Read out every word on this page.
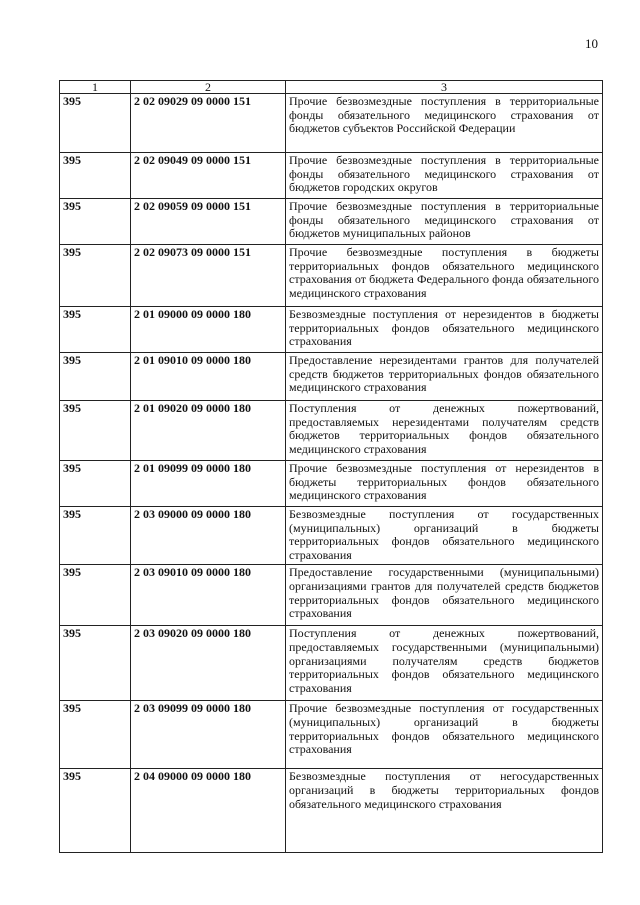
10
1	2	3
395	2 02 09029 09 0000 151	Прочие безвозмездные поступления в территориальные фонды обязательного медицинского страхования от бюджетов субъектов Российской Федерации
395	2 02 09049 09 0000 151	Прочие безвозмездные поступления в территориальные фонды обязательного медицинского страхования от бюджетов городских округов
395	2 02 09059 09 0000 151	Прочие безвозмездные поступления в территориальные фонды обязательного медицинского страхования от бюджетов муниципальных районов
395	2 02 09073 09 0000 151	Прочие безвозмездные поступления в бюджеты территориальных фондов обязательного медицинского страхования от бюджета Федерального фонда обязательного медицинского страхования
395	2 01 09000 09 0000 180	Безвозмездные поступления от нерезидентов в бюджеты территориальных фондов обязательного медицинского страхования
395	2 01 09010 09 0000 180	Предоставление нерезидентами грантов для получателей средств бюджетов территориальных фондов обязательного медицинского страхования
395	2 01 09020 09 0000 180	Поступления от денежных пожертвований, предоставляемых нерезидентами получателям средств бюджетов территориальных фондов обязательного медицинского страхования
395	2 01 09099 09 0000 180	Прочие безвозмездные поступления от нерезидентов в бюджеты территориальных фондов обязательного медицинского страхования
395	2 03 09000 09 0000 180	Безвозмездные поступления от государственных (муниципальных) организаций в бюджеты территориальных фондов обязательного медицинского страхования
395	2 03 09010 09 0000 180	Предоставление государственными (муниципальными) организациями грантов для получателей средств бюджетов территориальных фондов обязательного медицинского страхования
395	2 03 09020 09 0000 180	Поступления от денежных пожертвований, предоставляемых государственными (муниципальными) организациями получателям средств бюджетов территориальных фондов обязательного медицинского страхования
395	2 03 09099 09 0000 180	Прочие безвозмездные поступления от государственных (муниципальных) организаций в бюджеты территориальных фондов обязательного медицинского страхования
395	2 04 09000 09 0000 180	Безвозмездные поступления от негосударственных организаций в бюджеты территориальных фондов обязательного медицинского страхования
